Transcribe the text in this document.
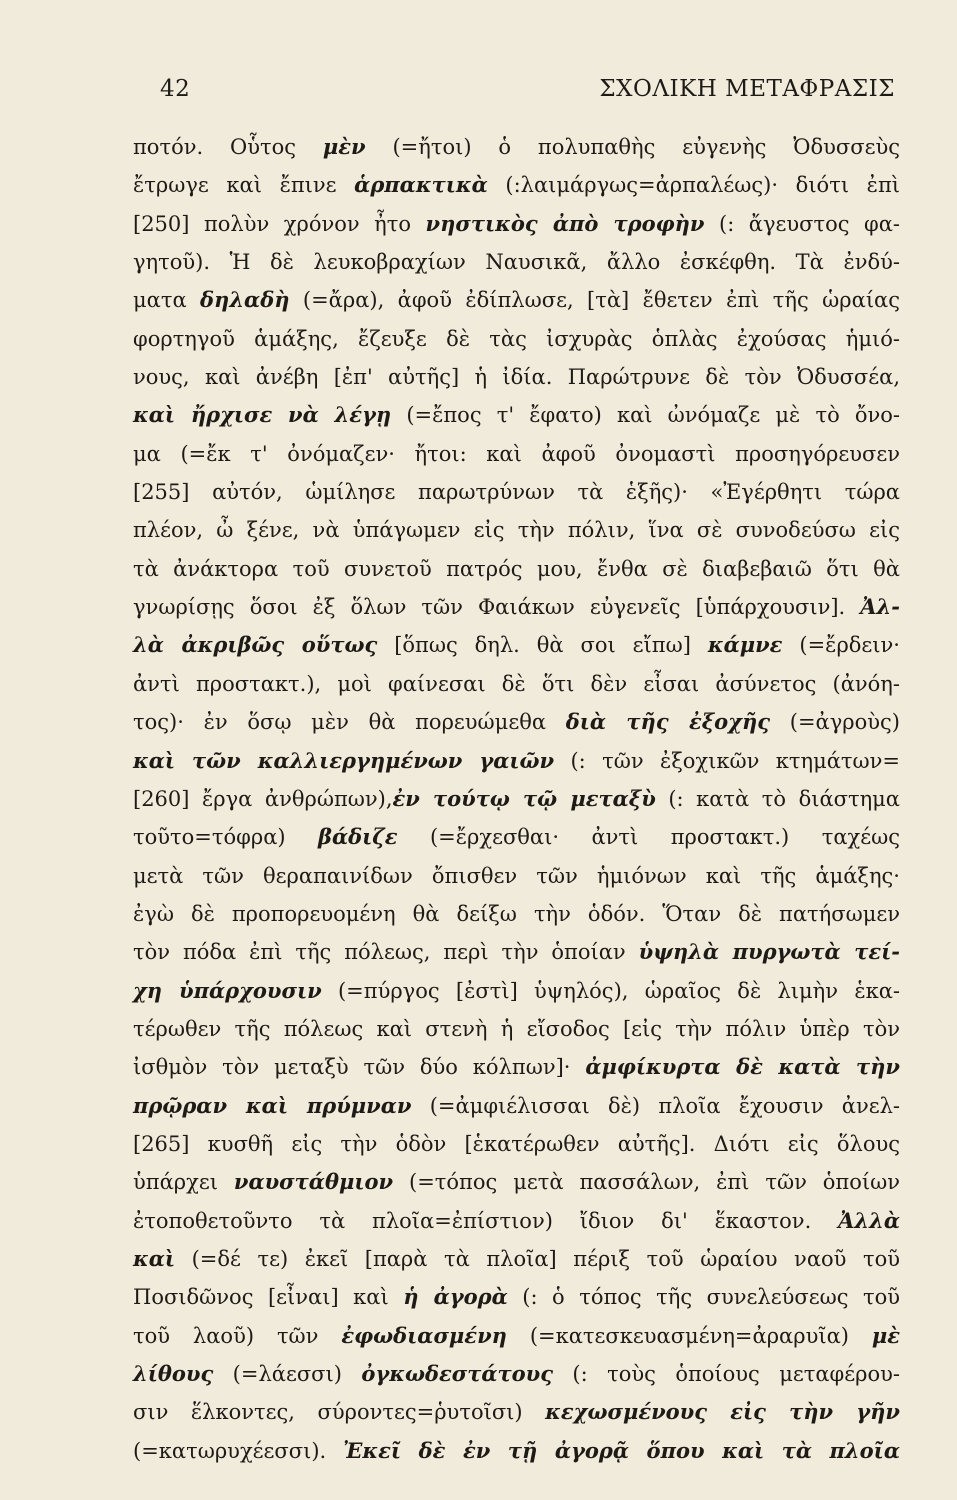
42	ΣΧΟΛΙΚΗ ΜΕΤΑΦΡΑΣΙΣ
ποτόν. Οὗτος μὲν (=ἤτοι) ὁ πολυπαθὴς εὐγενὴς Ὀδυσσεὺς
ἔτρωγε καὶ ἔπινε ἁρπακτικὰ (:λαιμάργως=ἀρπαλέως)· διότι ἐπὶ
[250] πολὺν χρόνον ἦτο νηστικὸς ἀπὸ τροφὴν (: ἄγευστος φα-
γητοῦ). Ἡ δὲ λευκοβραχίων Ναυσικᾶ, ἄλλο ἐσκέφθη. Τὰ ἐνδύ-
ματα δηλαδὴ (=ἄρα), ἀφοῦ ἐδίπλωσε, [τὰ] ἔθετεν ἐπὶ τῆς ὡραίας
φορτηγοῦ ἁμάξης, ἔζευξε δὲ τὰς ἰσχυρὰς ὁπλὰς ἐχούσας ἡμιό-
νους, καὶ ἀνέβη [ἐπ' αὐτῆς] ἡ ἰδία. Παρώτρυνε δὲ τὸν Ὀδυσσέα,
καὶ ἤρχισε νὰ λέγῃ (=ἔπος τ' ἔφατο) καὶ ὠνόμαζε μὲ τὸ ὄνο-
μα (=ἔκ τ' ὀνόμαζεν· ἤτοι: καὶ ἀφοῦ ὀνομαστὶ προσηγόρευσεν
[255] αὐτόν, ὡμίλησε παρωτρύνων τὰ ἑξῆς)· «Ἐγέρθητι τώρα
πλέον, ὦ ξένε, νὰ ὑπάγωμεν εἰς τὴν πόλιν, ἵνα σὲ συνοδεύσω εἰς
τὰ ἀνάκτορα τοῦ συνετοῦ πατρός μου, ἔνθα σὲ διαβεβαιῶ ὅτι θὰ
γνωρίσῃς ὅσοι ἐξ ὅλων τῶν Φαιάκων εὐγενεῖς [ὑπάρχουσιν]. Ἀλ-
λὰ ἀκριβῶς οὕτως [ὅπως δηλ. θὰ σοι εἴπω] κάμνε (=ἔρδειν·
ἀντὶ προστακτ.), μοὶ φαίνεσαι δὲ ὅτι δὲν εἶσαι ἀσύνετος (ἀνόη-
τος)· ἐν ὅσῳ μὲν θὰ πορευώμεθα διὰ τῆς ἐξοχῆς (=ἀγροὺς)
καὶ τῶν καλλιεργημένων γαιῶν (: τῶν ἐξοχικῶν κτημάτων=
[260] ἔργα ἀνθρώπων),ἐν τούτῳ τῷ μεταξὺ (: κατὰ τὸ διάστημα
τοῦτο=τόφρα) βάδιζε (=ἔρχεσθαι· ἀντὶ προστακτ.) ταχέως
μετὰ τῶν θεραπαινίδων ὄπισθεν τῶν ἡμιόνων καὶ τῆς ἁμάξης·
ἐγὼ δὲ προπορευομένη θὰ δείξω τὴν ὁδόν. Ὅταν δὲ πατήσωμεν
τὸν πόδα ἐπὶ τῆς πόλεως, περὶ τὴν ὁποίαν ὑψηλὰ πυργωτὰ τεί-
χη ὑπάρχουσιν (=πύργος [ἐστὶ] ὑψηλός), ὡραῖος δὲ λιμὴν ἑκα-
τέρωθεν τῆς πόλεως καὶ στενὴ ἡ εἴσοδος [εἰς τὴν πόλιν ὑπὲρ τὸν
ἰσθμὸν τὸν μεταξὺ τῶν δύο κόλπων]· ἀμφίκυρτα δὲ κατὰ τὴν
πρῷραν καὶ πρύμναν (=ἀμφιέλισσαι δὲ) πλοῖα ἔχουσιν ἀνελ-
[265] κυσθῆ εἰς τὴν ὁδὸν [ἑκατέρωθεν αὐτῆς]. Διότι εἰς ὅλους
ὑπάρχει ναυστάθμιον (=τόπος μετὰ πασσάλων, ἐπὶ τῶν ὁποίων
ἐτοποθετοῦντο τὰ πλοῖα=ἐπίστιον) ἴδιον δι' ἕκαστον. Ἀλλὰ
καὶ (=δέ τε) ἐκεῖ [παρὰ τὰ πλοῖα] πέριξ τοῦ ὡραίου ναοῦ τοῦ
Ποσιδῶνος [εἶναι] καὶ ἡ ἀγορὰ (: ὁ τόπος τῆς συνελεύσεως τοῦ
τοῦ λαοῦ) τῶν ἐφωδιασμένη (=κατεσκευασμένη=ἀραρυῖα) μὲ
λίθους (=λάεσσι) ὀγκωδεστάτους (: τοὺς ὁποίους μεταφέρου-
σιν ἕλκοντες, σύροντες=ῥυτοῖσι) κεχωσμένους εἰς τὴν γῆν
(=κατωρυχέεσσι). Ἐκεῖ δὲ ἐν τῇ ἀγορᾷ ὅπου καὶ τὰ πλοῖα
